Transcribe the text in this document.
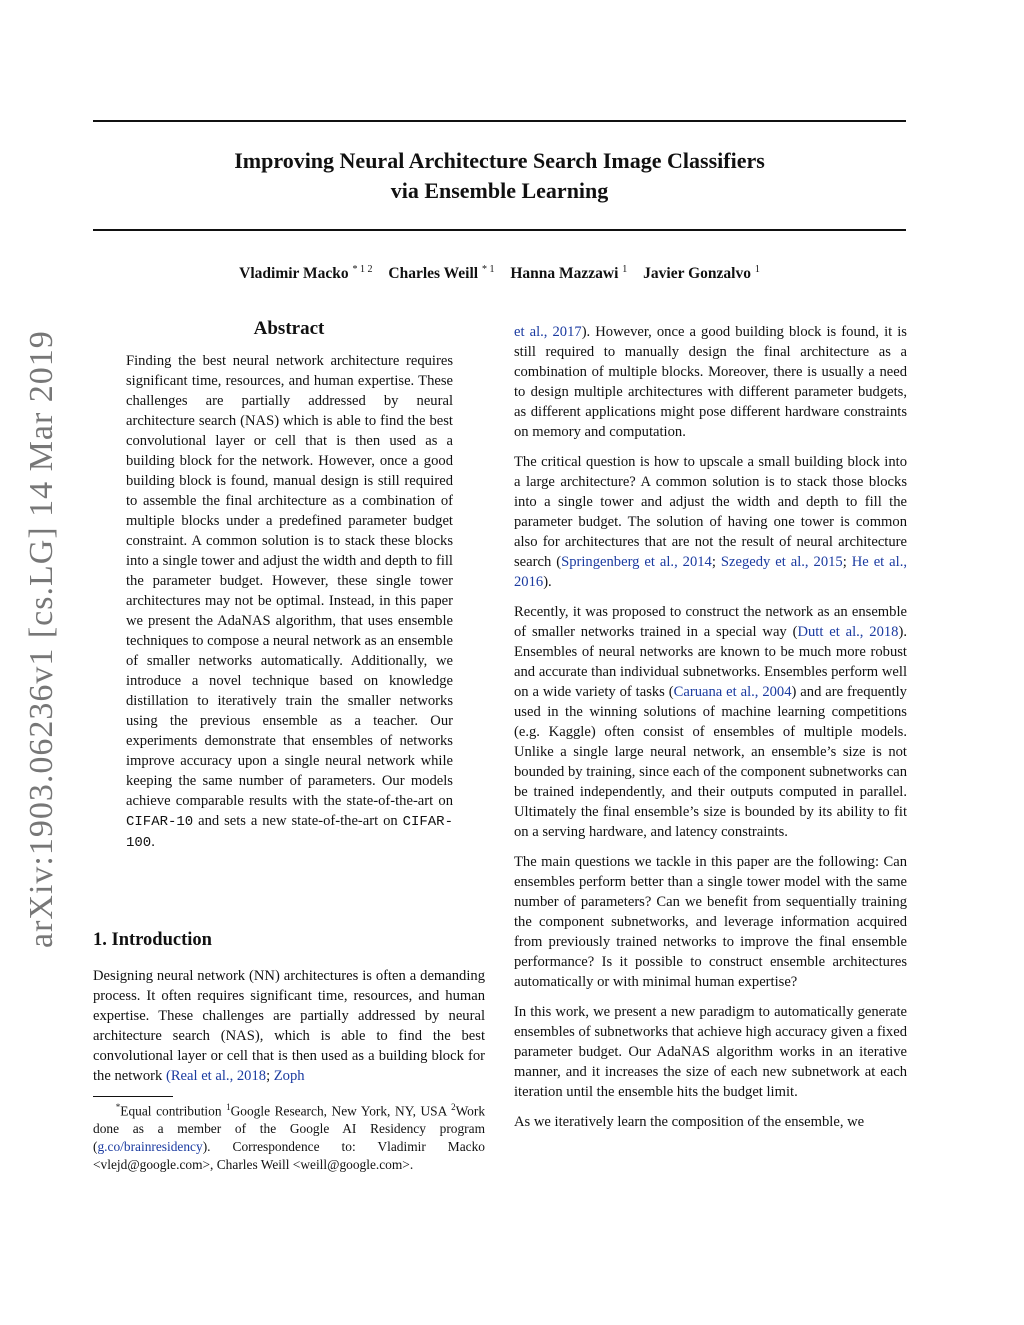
arXiv:1903.06236v1 [cs.LG] 14 Mar 2019
Improving Neural Architecture Search Image Classifiers
via Ensemble Learning
Vladimir Macko $^{* 1 2}$ Charles Weill $^{* 1}$ Hanna Mazzawi $^1$ Javier Gonzalvo $^1$
Abstract
Finding the best neural network architecture requires significant time, resources, and human expertise. These challenges are partially addressed by neural architecture search (NAS) which is able to find the best convolutional layer or cell that is then used as a building block for the network. However, once a good building block is found, manual design is still required to assemble the final architecture as a combination of multiple blocks under a predefined parameter budget constraint. A common solution is to stack these blocks into a single tower and adjust the width and depth to fill the parameter budget. However, these single tower architectures may not be optimal. Instead, in this paper we present the AdaNAS algorithm, that uses ensemble techniques to compose a neural network as an ensemble of smaller networks automatically. Additionally, we introduce a novel technique based on knowledge distillation to iteratively train the smaller networks using the previous ensemble as a teacher. Our experiments demonstrate that ensembles of networks improve accuracy upon a single neural network while keeping the same number of parameters. Our models achieve comparable results with the state-of-the-art on CIFAR-10 and sets a new state-of-the-art on CIFAR-100.
1. Introduction
Designing neural network (NN) architectures is often a demanding process. It often requires significant time, resources, and human expertise. These challenges are partially addressed by neural architecture search (NAS), which is able to find the best convolutional layer or cell that is then used as a building block for the network (Real et al., 2018; Zoph
*Equal contribution $^1$Google Research, New York, NY, USA $^2$Work done as a member of the Google AI Residency program (g.co/brainresidency). Correspondence to: Vladimir Macko <vlejd@google.com>, Charles Weill <weill@google.com>.

et al., 2017). However, once a good building block is found, it is still required to manually design the final architecture as a combination of multiple blocks. Moreover, there is usually a need to design multiple architectures with different parameter budgets, as different applications might pose different hardware constraints on memory and computation.

The critical question is how to upscale a small building block into a large architecture? A common solution is to stack those blocks into a single tower and adjust the width and depth to fill the parameter budget. The solution of having one tower is common also for architectures that are not the result of neural architecture search (Springenberg et al., 2014; Szegedy et al., 2015; He et al., 2016).

Recently, it was proposed to construct the network as an ensemble of smaller networks trained in a special way (Dutt et al., 2018). Ensembles of neural networks are known to be much more robust and accurate than individual subnetworks. Ensembles perform well on a wide variety of tasks (Caruana et al., 2004) and are frequently used in the winning solutions of machine learning competitions (e.g. Kaggle) often consist of ensembles of multiple models. Unlike a single large neural network, an ensemble’s size is not bounded by training, since each of the component subnetworks can be trained independently, and their outputs computed in parallel. Ultimately the final ensemble’s size is bounded by its ability to fit on a serving hardware, and latency constraints.

The main questions we tackle in this paper are the following: Can ensembles perform better than a single tower model with the same number of parameters? Can we benefit from sequentially training the component subnetworks, and leverage information acquired from previously trained networks to improve the final ensemble performance? Is it possible to construct ensemble architectures automatically or with minimal human expertise?

In this work, we present a new paradigm to automatically generate ensembles of subnetworks that achieve high accuracy given a fixed parameter budget. Our AdaNAS algorithm works in an iterative manner, and it increases the size of each new subnetwork at each iteration until the ensemble hits the budget limit.

As we iteratively learn the composition of the ensemble, we
